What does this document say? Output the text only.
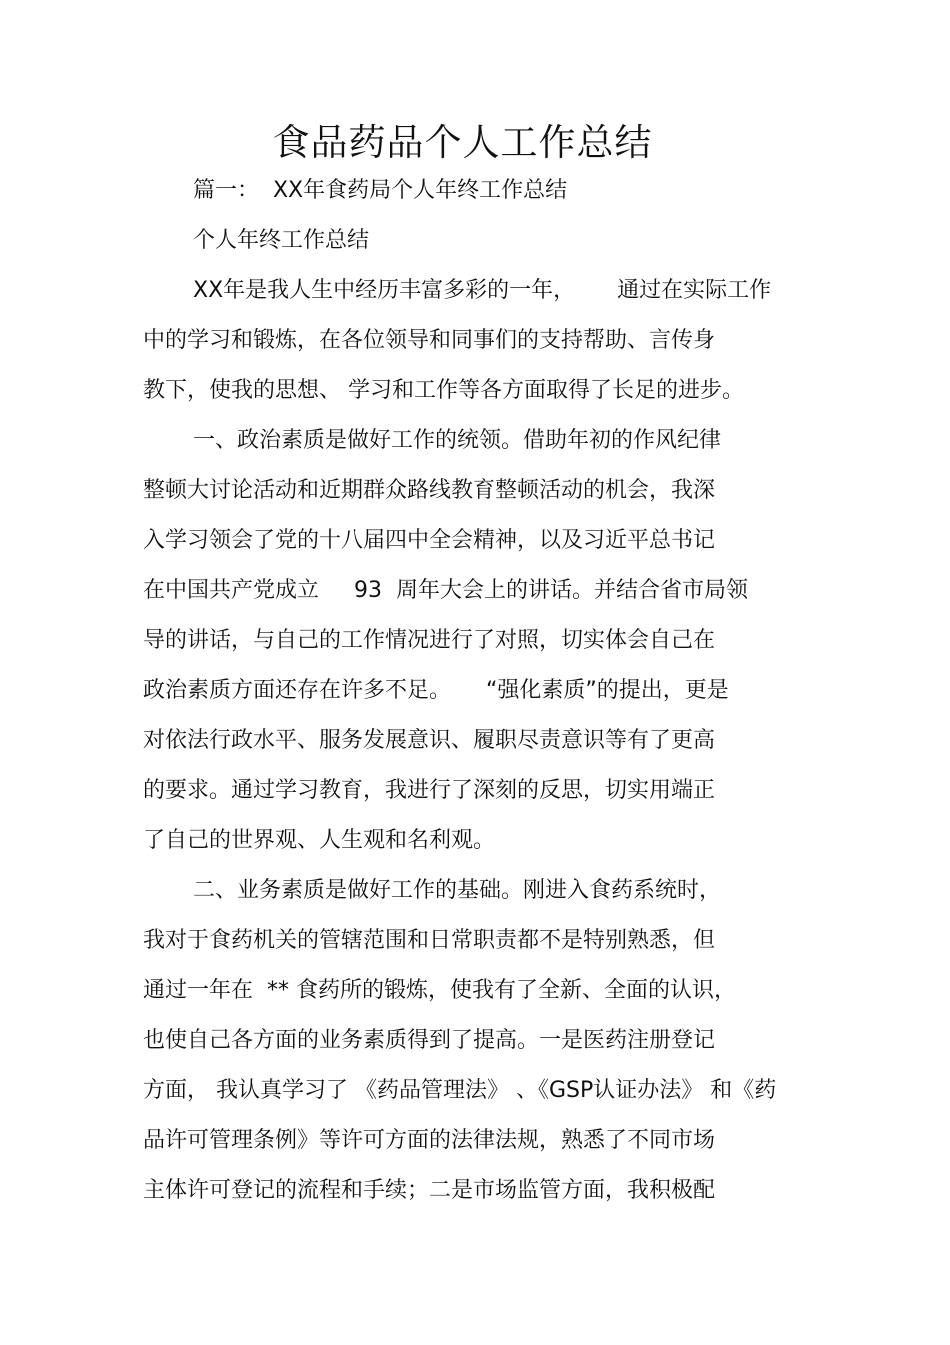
食品药品个人工作总结
篇一：  XX年食药局个人年终工作总结
个人年终工作总结
XX年是我人生中经历丰富多彩的一年，      通过在实际工作
中的学习和锻炼，在各位领导和同事们的支持帮助、言传身
教下，使我的思想、 学习和工作等各方面取得了长足的进步。
一、政治素质是做好工作的统领。借助年初的作风纪律
整顿大讨论活动和近期群众路线教育整顿活动的机会，我深
入学习领会了党的十八届四中全会精神，以及习近平总书记
在中国共产党成立     93  周年大会上的讲话。并结合省市局领
导的讲话，与自己的工作情况进行了对照，切实体会自己在
政治素质方面还存在许多不足。     “强化素质”的提出，更是
对依法行政水平、服务发展意识、履职尽责意识等有了更高
的要求。通过学习教育，我进行了深刻的反思，切实用端正
了自己的世界观、人生观和名利观。
二、业务素质是做好工作的基础。刚进入食药系统时，
我对于食药机关的管辖范围和日常职责都不是特别熟悉，但
通过一年在  ** 食药所的锻炼，使我有了全新、全面的认识，
也使自己各方面的业务素质得到了提高。一是医药注册登记
方面， 我认真学习了 《药品管理法》 、《GSP认证办法》 和《药
品许可管理条例》等许可方面的法律法规，熟悉了不同市场
主体许可登记的流程和手续；二是市场监管方面，我积极配
